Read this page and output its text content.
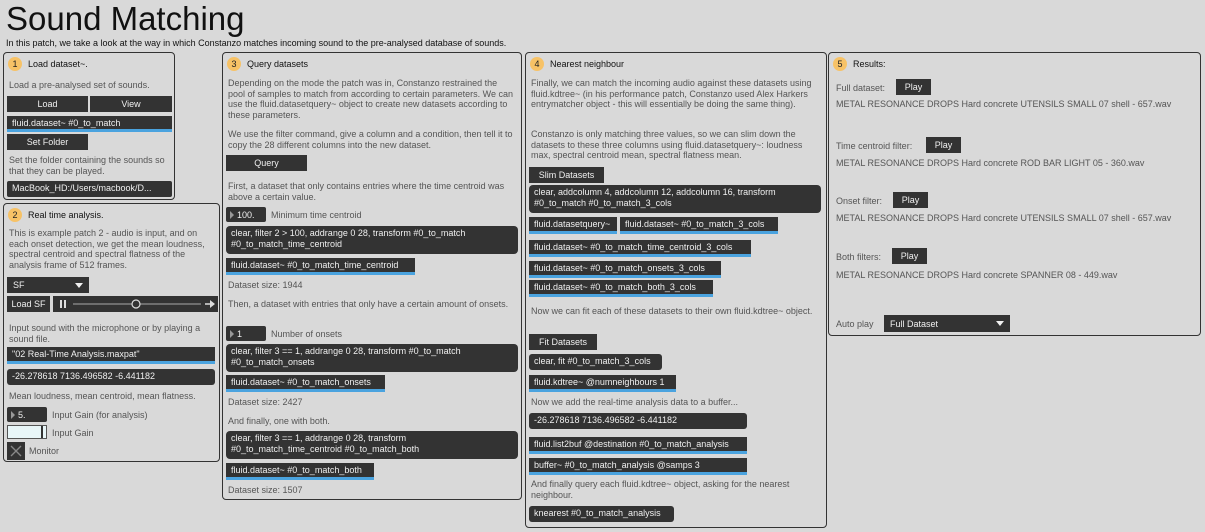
Sound Matching
In this patch, we take a look at the way in which Constanzo matches incoming sound to the pre-analysed database of sounds.
1	Load dataset~.
Load a pre-analysed set of sounds.
Load	View
fluid.dataset~ #0_to_match
Set Folder
Set the folder containing the sounds so that they can be played.
MacBook_HD:/Users/macbook/D...
2	Real time analysis.
This is example patch 2 - audio is input, and on each onset detection, we get the mean loudness, spectral centroid and spectral flatness of the analysis frame of 512 frames.
SF
Load SF
Input sound with the microphone or by playing a sound file.
"02 Real-Time Analysis.maxpat"
-26.278618 7136.496582 -6.441182
Mean loudness, mean centroid, mean flatness.
5.	Input Gain (for analysis)
Input Gain
Monitor
3	Query datasets
Depending on the mode the patch was in, Constanzo restrained the pool of samples to match from according to certain parameters. We can use the fluid.datasetquery~ object to create new datasets according to these parameters.
We use the filter command, give a column and a condition, then tell it to copy the 28 different columns into the new dataset.
Query
First, a dataset that only contains entries where the time centroid was above a certain value.
100. Minimum time centroid
clear, filter 2 > 100, addrange 0 28, transform #0_to_match #0_to_match_time_centroid
fluid.dataset~ #0_to_match_time_centroid
Dataset size: 1944
Then, a dataset with entries that only have a certain amount of onsets.
1	Number of onsets
clear, filter 3 == 1, addrange 0 28, transform #0_to_match #0_to_match_onsets
fluid.dataset~ #0_to_match_onsets
Dataset size: 2427
And finally, one with both.
clear, filter 3 == 1, addrange 0 28, transform #0_to_match_time_centroid #0_to_match_both
fluid.dataset~ #0_to_match_both
Dataset size: 1507
4	Nearest neighbour
Finally, we can match the incoming audio against these datasets using fluid.kdtree~ (in his performance patch, Constanzo used Alex Harkers entrymatcher object - this will essentially be doing the same thing).
Constanzo is only matching three values, so we can slim down the datasets to these three columns using fluid.datasetquery~: loudness max, spectral centroid mean, spectral flatness mean.
Slim Datasets
clear, addcolumn 4, addcolumn 12, addcolumn 16, transform #0_to_match #0_to_match_3_cols
fluid.datasetquery~	fluid.dataset~ #0_to_match_3_cols
fluid.dataset~ #0_to_match_time_centroid_3_cols
fluid.dataset~ #0_to_match_onsets_3_cols
fluid.dataset~ #0_to_match_both_3_cols
Now we can fit each of these datasets to their own fluid.kdtree~ object.
Fit Datasets
clear, fit #0_to_match_3_cols
fluid.kdtree~ @numneighbours 1
Now we add the real-time analysis data to a buffer...
-26.278618 7136.496582 -6.441182
fluid.list2buf @destination #0_to_match_analysis
buffer~ #0_to_match_analysis @samps 3
And finally query each fluid.kdtree~ object, asking for the nearest neighbour.
knearest #0_to_match_analysis
5	Results:
Full dataset:	Play
METAL RESONANCE DROPS Hard concrete UTENSILS SMALL 07 shell - 657.wav
Time centroid filter:	Play
METAL RESONANCE DROPS Hard concrete ROD BAR LIGHT 05 - 360.wav
Onset filter:	Play
METAL RESONANCE DROPS Hard concrete UTENSILS SMALL 07 shell - 657.wav
Both filters:	Play
METAL RESONANCE DROPS Hard concrete SPANNER 08 - 449.wav
Auto play Full Dataset
